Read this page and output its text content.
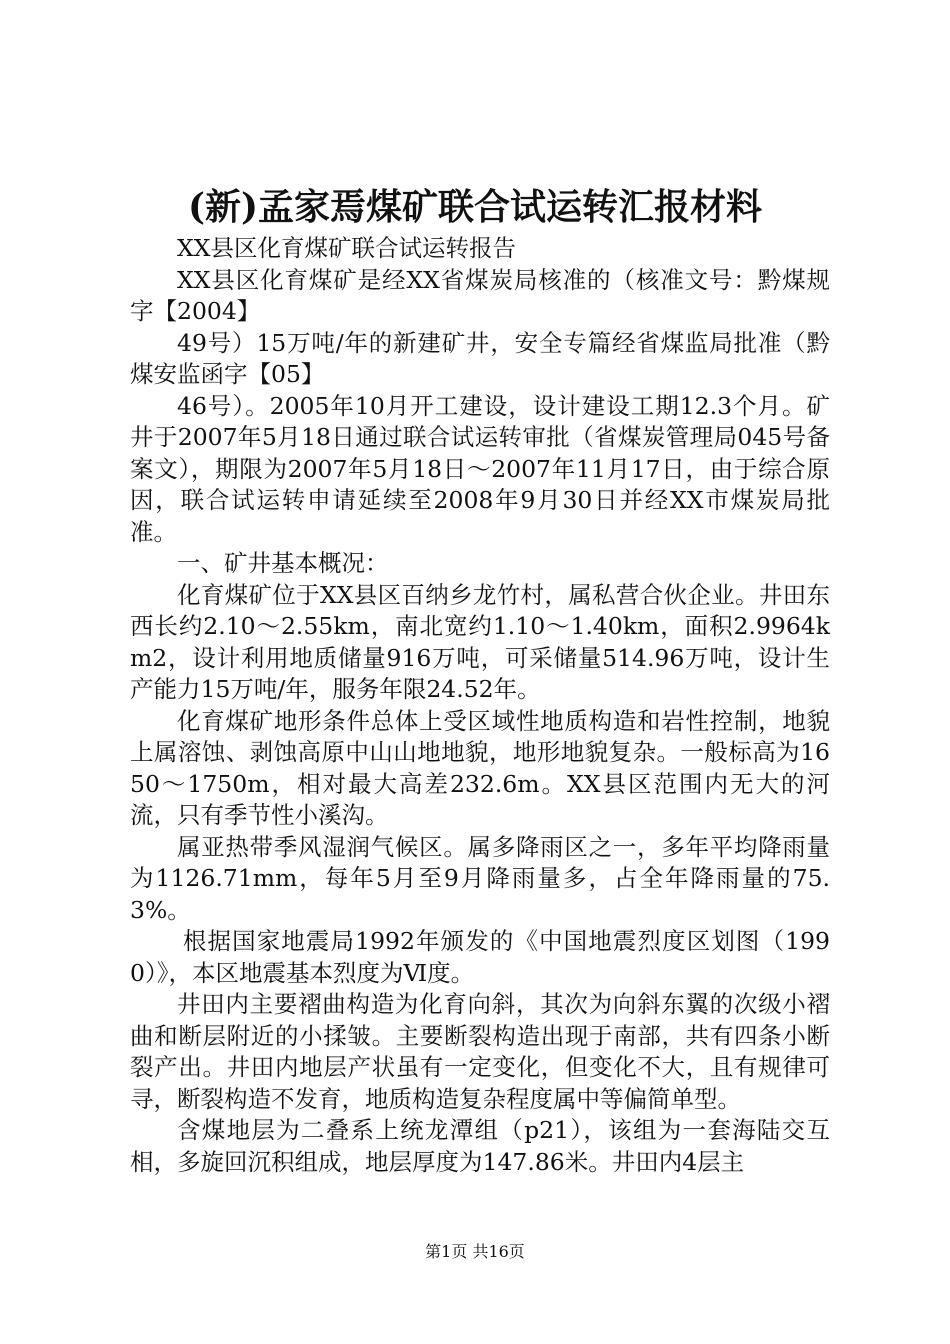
(新)孟家焉煤矿联合试运转汇报材料

XX县区化育煤矿联合试运转报告

XX县区化育煤矿是经XX省煤炭局核准的（核准文号：黔煤规字【2004】

49号）15万吨/年的新建矿井，安全专篇经省煤监局批准（黔煤安监函字【05】

46号）。2005年10月开工建设，设计建设工期12.3个月。矿井于2007年5月18日通过联合试运转审批（省煤炭管理局045号备案文），期限为2007年5月18日～2007年11月17日，由于综合原因，联合试运转申请延续至2008年9月30日并经XX市煤炭局批准。

一、矿井基本概况：

化育煤矿位于XX县区百纳乡龙竹村，属私营合伙企业。井田东西长约2.10～2.55km，南北宽约1.10～1.40km，面积2.9964km2，设计利用地质储量916万吨，可采储量514.96万吨，设计生产能力15万吨/年，服务年限24.52年。

化育煤矿地形条件总体上受区域性地质构造和岩性控制，地貌上属溶蚀、剥蚀高原中山山地地貌，地形地貌复杂。一般标高为1650～1750m，相对最大高差232.6m。XX县区范围内无大的河流，只有季节性小溪沟。

属亚热带季风湿润气候区。属多降雨区之一，多年平均降雨量为1126.71mm，每年5月至9月降雨量多，占全年降雨量的75.3%。

根据国家地震局1992年颁发的《中国地震烈度区划图（1990）》，本区地震基本烈度为Ⅵ度。

井田内主要褶曲构造为化育向斜，其次为向斜东翼的次级小褶曲和断层附近的小揉皱。主要断裂构造出现于南部，共有四条小断裂产出。井田内地层产状虽有一定变化，但变化不大，且有规律可寻，断裂构造不发育，地质构造复杂程度属中等偏简单型。

含煤地层为二叠系上统龙潭组（p21），该组为一套海陆交互相，多旋回沉积组成，地层厚度为147.86米。井田内4层主

第1页 共16页
